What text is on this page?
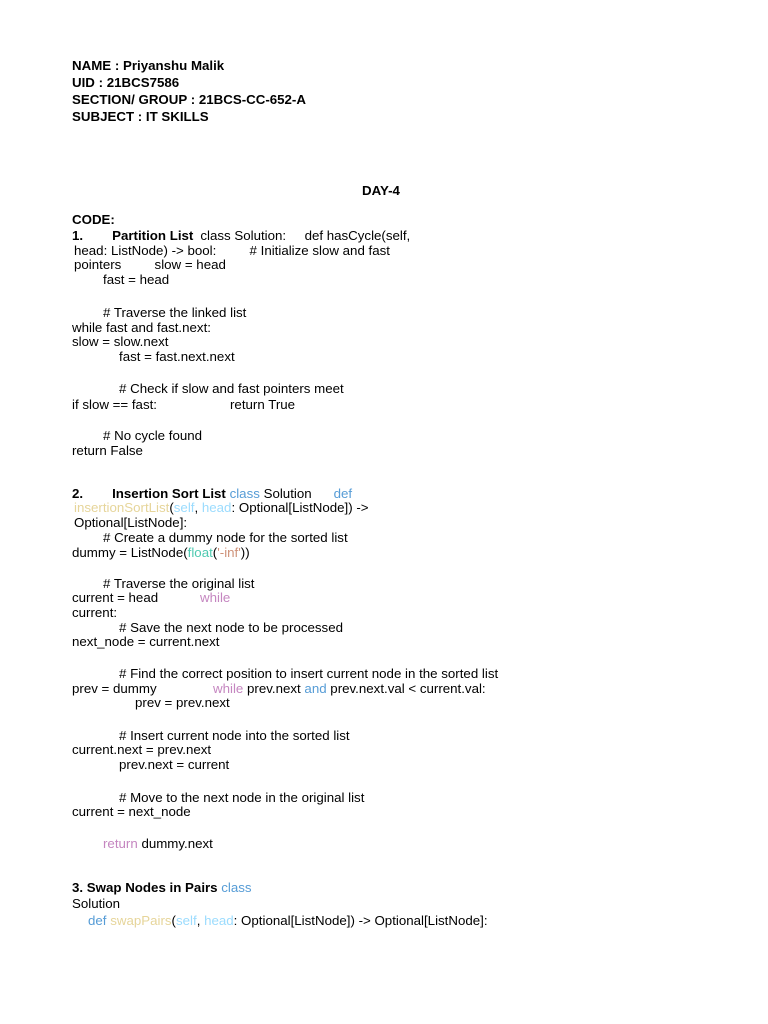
NAME : Priyanshu Malik
UID : 21BCS7586
SECTION/ GROUP : 21BCS-CC-652-A
SUBJECT : IT SKILLS
DAY-4
CODE:
1. Partition List class Solution:     def hasCycle(self,
head: ListNode) -> bool:         # Initialize slow and fast
pointers         slow = head
fast = head
# Traverse the linked list
while fast and fast.next:
slow = slow.next
fast = fast.next.next
# Check if slow and fast pointers meet
if slow == fast:	return True
# No cycle found
return False
2. Insertion Sort List class Solution def
insertionSortList(self, head: Optional[ListNode]) ->
Optional[ListNode]:
# Create a dummy node for the sorted list
dummy = ListNode(float('-inf'))
# Traverse the original list
current = head	while
current:
# Save the next node to be processed
next_node = current.next
# Find the correct position to insert current node in the sorted list
prev = dummy	while prev.next and prev.next.val < current.val:
prev = prev.next
# Insert current node into the sorted list
current.next = prev.next
prev.next = current
# Move to the next node in the original list
current = next_node
return dummy.next
3. Swap Nodes in Pairs class
Solution
def swapPairs(self, head: Optional[ListNode]) -> Optional[ListNode]:
